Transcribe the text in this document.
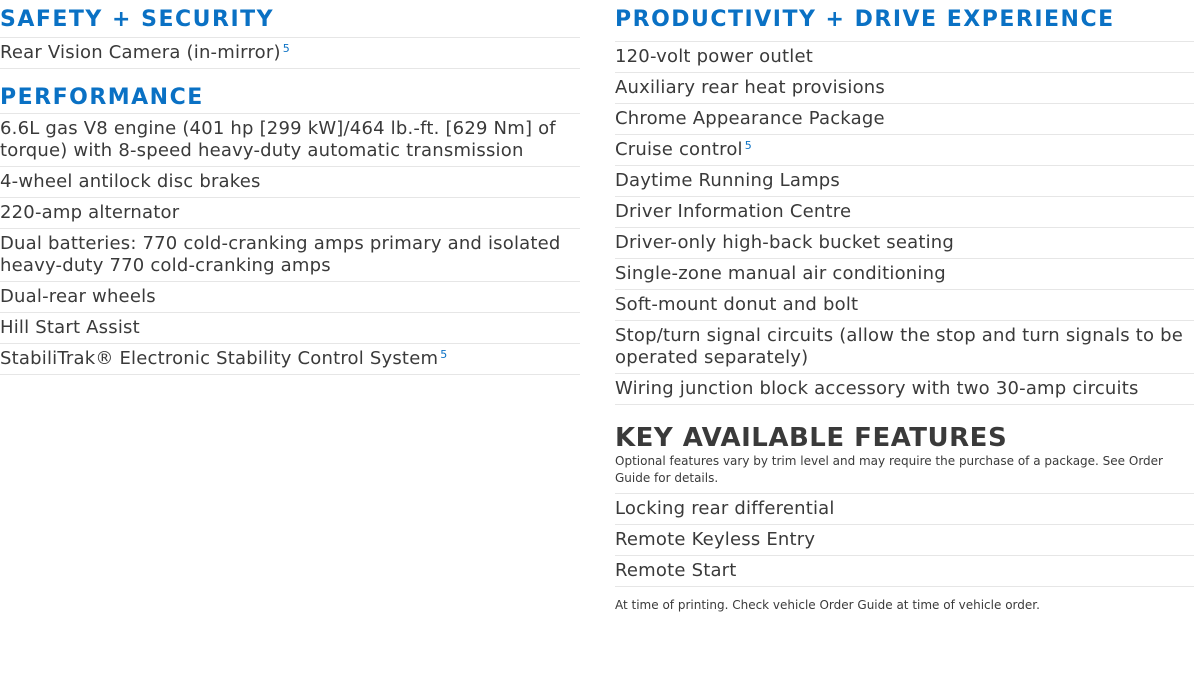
SAFETY + SECURITY
Rear Vision Camera (in-mirror) $^5$
PERFORMANCE
6.6L gas V8 engine (401 hp [299 kW]/464 lb.-ft. [629 Nm] of torque) with 8-speed heavy-duty automatic transmission
4-wheel antilock disc brakes
220-amp alternator
Dual batteries: 770 cold-cranking amps primary and isolated heavy-duty 770 cold-cranking amps
Dual-rear wheels
Hill Start Assist
StabiliTrak® Electronic Stability Control System $^5$
PRODUCTIVITY + DRIVE EXPERIENCE
120-volt power outlet
Auxiliary rear heat provisions
Chrome Appearance Package
Cruise control $^5$
Daytime Running Lamps
Driver Information Centre
Driver-only high-back bucket seating
Single-zone manual air conditioning
Soft-mount donut and bolt
Stop/turn signal circuits (allow the stop and turn signals to be operated separately)
Wiring junction block accessory with two 30-amp circuits
KEY AVAILABLE FEATURES

Optional features vary by trim level and may require the purchase of a package. See Order Guide for details.

Locking rear differential
Remote Keyless Entry
Remote Start

At time of printing. Check vehicle Order Guide at time of vehicle order.
